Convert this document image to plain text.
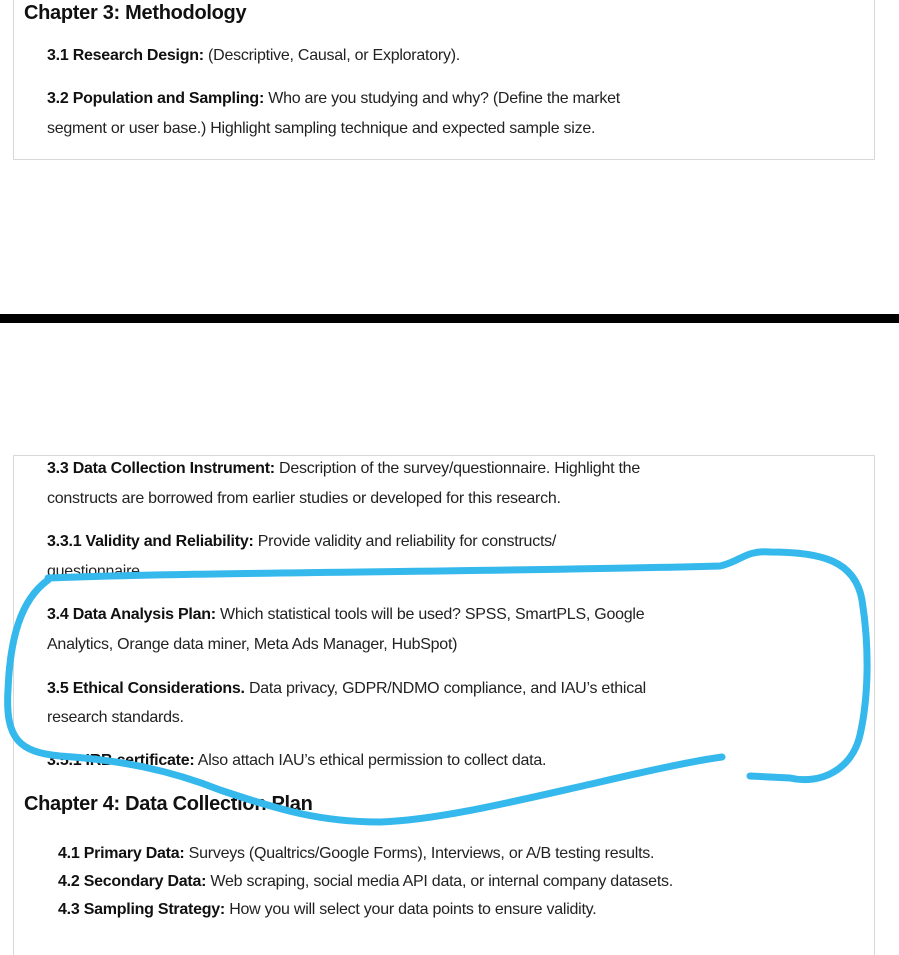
Chapter 3: Methodology
3.1 Research Design: (Descriptive, Causal, or Exploratory).
3.2 Population and Sampling: Who are you studying and why? (Define the market
segment or user base.) Highlight sampling technique and expected sample size.
3.3 Data Collection Instrument: Description of the survey/questionnaire. Highlight the
constructs are borrowed from earlier studies or developed for this research.
3.3.1 Validity and Reliability: Provide validity and reliability for constructs/
questionnaire.
3.4 Data Analysis Plan: Which statistical tools will be used? SPSS, SmartPLS, Google
Analytics, Orange data miner, Meta Ads Manager, HubSpot)
3.5 Ethical Considerations. Data privacy, GDPR/NDMO compliance, and IAU’s ethical
research standards.
3.5.1 IRB certificate: Also attach IAU’s ethical permission to collect data.
Chapter 4: Data Collection Plan
4.1 Primary Data: Surveys (Qualtrics/Google Forms), Interviews, or A/B testing results.
4.2 Secondary Data: Web scraping, social media API data, or internal company datasets.
4.3 Sampling Strategy: How you will select your data points to ensure validity.
